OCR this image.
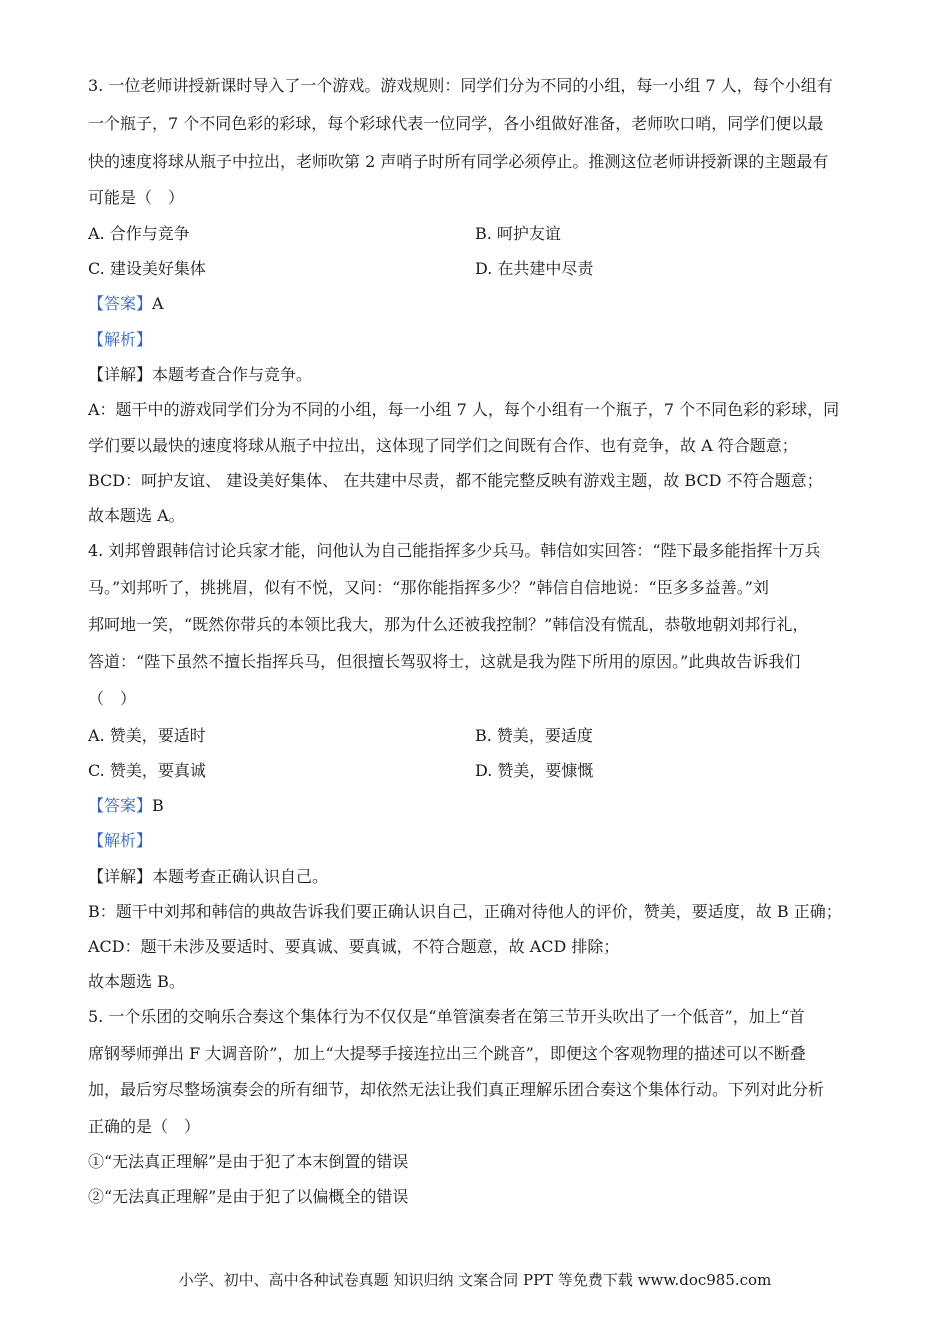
3. 一位老师讲授新课时导入了一个游戏。游戏规则：同学们分为不同的小组，每一小组 7 人，每个小组有
一个瓶子，7 个不同色彩的彩球，每个彩球代表一位同学，各小组做好准备，老师吹口哨，同学们便以最
快的速度将球从瓶子中拉出，老师吹第 2 声哨子时所有同学必须停止。推测这位老师讲授新课的主题最有
可能是（　）
A. 合作与竞争	B. 呵护友谊
C. 建设美好集体	D. 在共建中尽责
【答案】A
【解析】
【详解】本题考查合作与竞争。
A：题干中的游戏同学们分为不同的小组，每一小组 7 人，每个小组有一个瓶子，7 个不同色彩的彩球，同
学们要以最快的速度将球从瓶子中拉出，这体现了同学们之间既有合作、也有竞争，故 A 符合题意；
BCD：呵护友谊、 建设美好集体、 在共建中尽责，都不能完整反映有游戏主题，故 BCD 不符合题意；
故本题选 A。
4. 刘邦曾跟韩信讨论兵家才能，问他认为自己能指挥多少兵马。韩信如实回答：“陛下最多能指挥十万兵
马。”刘邦听了，挑挑眉，似有不悦，又问：“那你能指挥多少？”韩信自信地说：“臣多多益善。”刘
邦呵地一笑，“既然你带兵的本领比我大，那为什么还被我控制？”韩信没有慌乱，恭敬地朝刘邦行礼，
答道：“陛下虽然不擅长指挥兵马，但很擅长驾驭将士，这就是我为陛下所用的原因。”此典故告诉我们
（　）
A. 赞美，要适时	B. 赞美，要适度
C. 赞美，要真诚	D. 赞美，要慷慨
【答案】B
【解析】
【详解】本题考查正确认识自己。
B：题干中刘邦和韩信的典故告诉我们要正确认识自己，正确对待他人的评价，赞美，要适度，故 B 正确；
ACD：题干未涉及要适时、要真诚、要真诚，不符合题意，故 ACD 排除；
故本题选 B。
5. 一个乐团的交响乐合奏这个集体行为不仅仅是“单管演奏者在第三节开头吹出了一个低音”，加上“首
席钢琴师弹出 F 大调音阶”，加上“大提琴手接连拉出三个跳音”，即便这个客观物理的描述可以不断叠
加，最后穷尽整场演奏会的所有细节，却依然无法让我们真正理解乐团合奏这个集体行动。下列对此分析
正确的是（　）
①“无法真正理解”是由于犯了本末倒置的错误
②“无法真正理解”是由于犯了以偏概全的错误
小学、初中、高中各种试卷真题 知识归纳 文案合同 PPT 等免费下载 www.doc985.com
